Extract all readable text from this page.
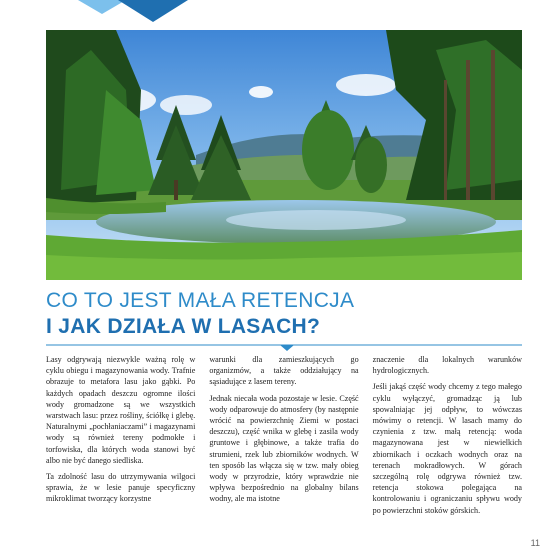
CO TO JEST MAŁA RETENCJA
I JAK DZIAŁA W LASACH?

Lasy odgrywają niezwykle ważną rolę w cyklu obiegu i magazynowania wody. Trafnie obrazuje to metafora lasu jako gąbki. Po każdych opadach deszczu ogromne ilości wody gromadzone są we wszystkich warstwach lasu: przez rośliny, ściółkę i glebę. Naturalnymi „pochłaniaczami” i magazynami wody są również tereny podmokłe i torfowiska, dla których woda stanowi być albo nie być danego siedliska.

Ta zdolność lasu do utrzymywania wilgoci sprawia, że w lesie panuje specyficzny mikroklimat tworzący korzystne

warunki dla zamieszkujących go organizmów, a także oddziałujący na sąsiadujące z lasem tereny.

Jednak niecała woda pozostaje w lesie. Część wody odparowuje do atmosfery (by następnie wrócić na powierzchnię Ziemi w postaci deszczu), część wnika w glebę i zasila wody gruntowe i głębinowe, a także trafia do strumieni, rzek lub zbiorników wodnych. W ten sposób las włącza się w tzw. mały obieg wody w przyrodzie, który wprawdzie nie wpływa bezpośrednio na globalny bilans wodny, ale ma istotne

znaczenie dla lokalnych warunków hydrologicznych.

Jeśli jakąś część wody chcemy z tego małego cyklu wyłączyć, gromadząc ją lub spowalniając jej odpływ, to wówczas mówimy o retencji. W lasach mamy do czynienia z tzw. małą retencją: woda magazynowana jest w niewielkich zbiornikach i oczkach wodnych oraz na terenach mokradłowych. W górach szczególną rolę odgrywa również tzw. retencja stokowa polegająca na kontrolowaniu i ograniczaniu spływu wody po powierzchni stoków górskich.

11
